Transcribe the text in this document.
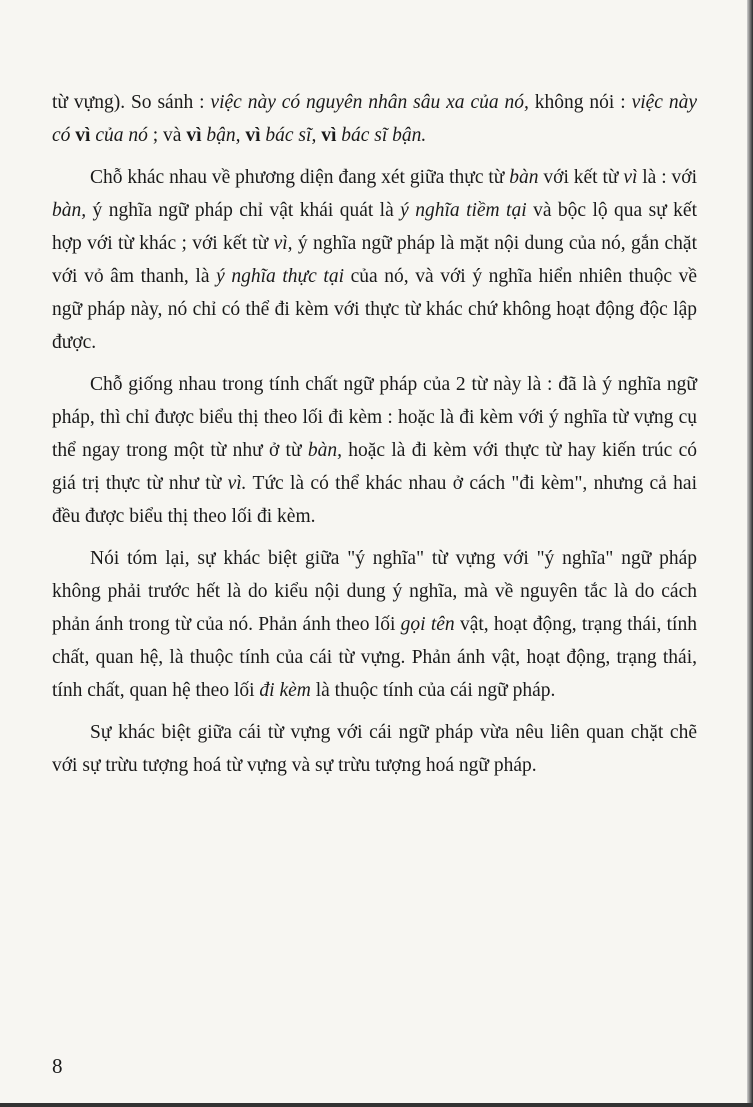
từ vựng). So sánh : việc này có nguyên nhân sâu xa của nó, không nói : việc này có vì của nó ; và vì bận, vì bác sĩ, vì bác sĩ bận.

Chỗ khác nhau về phương diện đang xét giữa thực từ bàn với kết từ vì là : với bàn, ý nghĩa ngữ pháp chỉ vật khái quát là ý nghĩa tiềm tại và bộc lộ qua sự kết hợp với từ khác ; với kết từ vì, ý nghĩa ngữ pháp là mặt nội dung của nó, gắn chặt với vỏ âm thanh, là ý nghĩa thực tại của nó, và với ý nghĩa hiển nhiên thuộc về ngữ pháp này, nó chỉ có thể đi kèm với thực từ khác chứ không hoạt động độc lập được.

Chỗ giống nhau trong tính chất ngữ pháp của 2 từ này là : đã là ý nghĩa ngữ pháp, thì chỉ được biểu thị theo lối đi kèm : hoặc là đi kèm với ý nghĩa từ vựng cụ thể ngay trong một từ như ở từ bàn, hoặc là đi kèm với thực từ hay kiến trúc có giá trị thực từ như từ vì. Tức là có thể khác nhau ở cách "đi kèm", nhưng cả hai đều được biểu thị theo lối đi kèm.

Nói tóm lại, sự khác biệt giữa "ý nghĩa" từ vựng với "ý nghĩa" ngữ pháp không phải trước hết là do kiểu nội dung ý nghĩa, mà về nguyên tắc là do cách phản ánh trong từ của nó. Phản ánh theo lối gọi tên vật, hoạt động, trạng thái, tính chất, quan hệ, là thuộc tính của cái từ vựng. Phản ánh vật, hoạt động, trạng thái, tính chất, quan hệ theo lối đi kèm là thuộc tính của cái ngữ pháp.

Sự khác biệt giữa cái từ vựng với cái ngữ pháp vừa nêu liên quan chặt chẽ với sự trừu tượng hoá từ vựng và sự trừu tượng hoá ngữ pháp.

8
